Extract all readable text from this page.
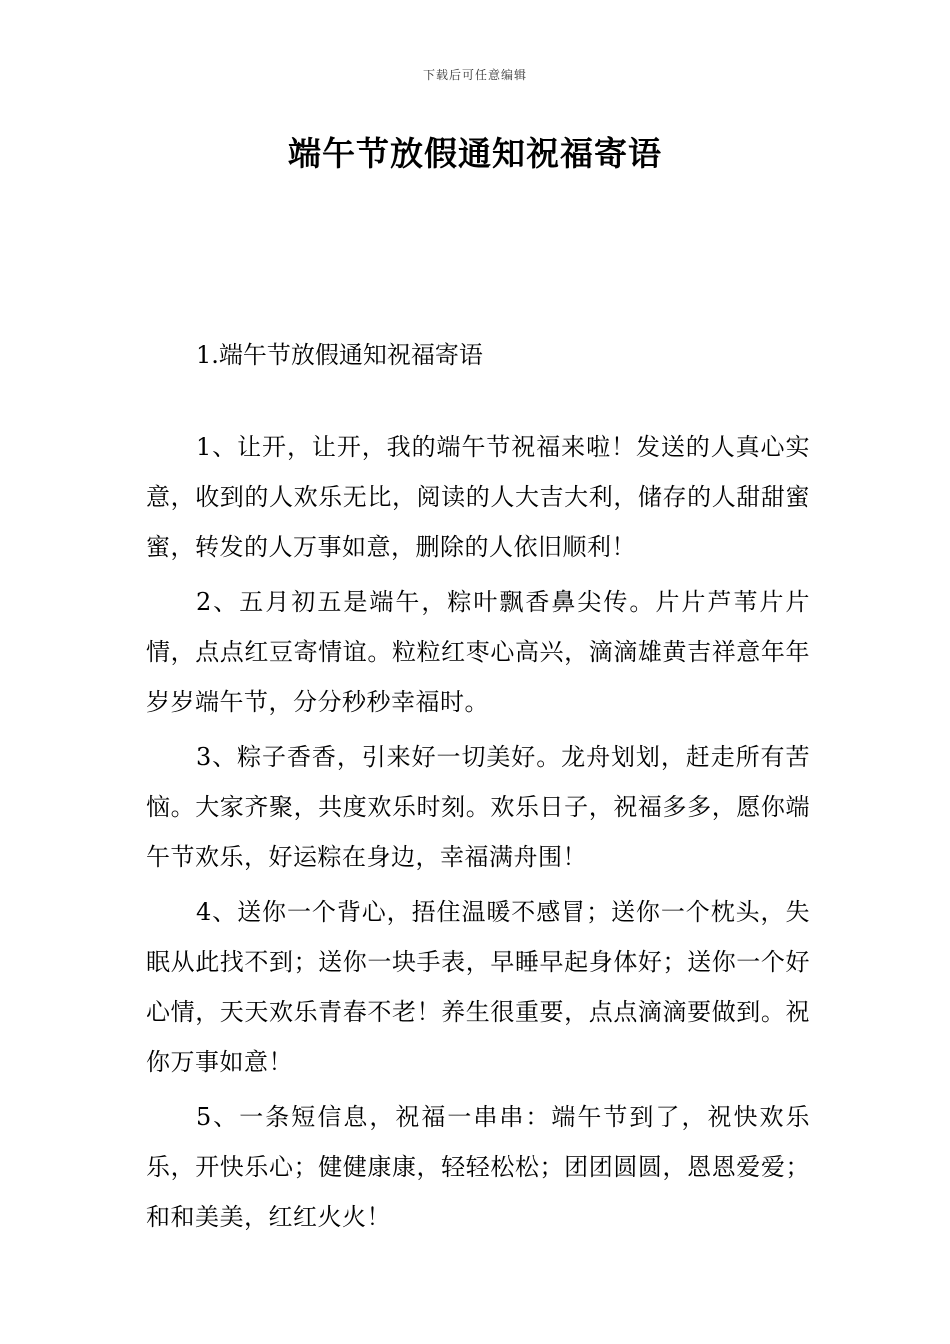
下载后可任意编辑
端午节放假通知祝福寄语
1.端午节放假通知祝福寄语

1、让开，让开，我的端午节祝福来啦！发送的人真心实意，收到的人欢乐无比，阅读的人大吉大利，储存的人甜甜蜜蜜，转发的人万事如意，删除的人依旧顺利！

2、五月初五是端午，粽叶飘香鼻尖传。片片芦苇片片情，点点红豆寄情谊。粒粒红枣心高兴，滴滴雄黄吉祥意年年岁岁端午节，分分秒秒幸福时。

3、粽子香香，引来好一切美好。龙舟划划，赶走所有苦恼。大家齐聚，共度欢乐时刻。欢乐日子，祝福多多，愿你端午节欢乐，好运粽在身边，幸福满舟围！

4、送你一个背心，捂住温暖不感冒；送你一个枕头，失眠从此找不到；送你一块手表，早睡早起身体好；送你一个好心情，天天欢乐青春不老！养生很重要，点点滴滴要做到。祝你万事如意！

5、一条短信息，祝福一串串：端午节到了，祝快欢乐乐，开快乐心；健健康康，轻轻松松；团团圆圆，恩恩爱爱；和和美美，红红火火！
